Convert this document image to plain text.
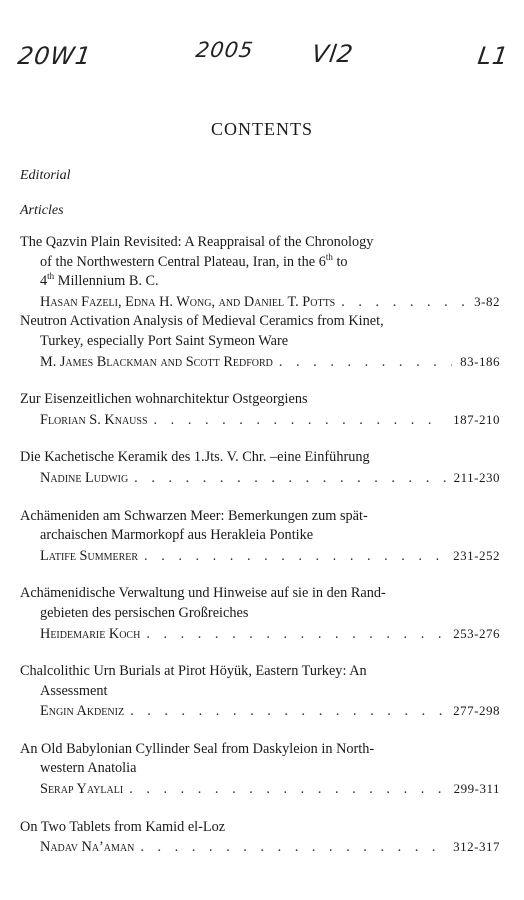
20W1	2005 Vl2	L1
CONTENTS
Editorial
Articles
The Qazvin Plain Revisited: A Reappraisal of the Chronology
of the Northwestern Central Plateau, Iran, in the 6th to
4th Millennium B. C.
Hasan Fazeli, Edna H. Wong, and Daniel T. Potts . . .	3-82
Neutron Activation Analysis of Medieval Ceramics from Kinet,
Turkey, especially Port Saint Symeon Ware
M. James Blackman and Scott Redford . . .	83-186
Zur Eisenzeitlichen wohnarchitektur Ostgeorgiens
Florian S. Knauß . . .	187-210
Die Kachetische Keramik des 1.Jts. V. Chr. –eine Einführung
Nadine Ludwig . . .	211-230
Achämeniden am Schwarzen Meer: Bemerkungen zum spät-
archaischen Marmorkopf aus Herakleia Pontike
Latife Summerer . . .	231-252
Achämenidische Verwaltung und Hinweise auf sie in den Rand-
gebieten des persischen Großreiches
Heidemarie Koch . . .	253-276
Chalcolithic Urn Burials at Pirot Höyük, Eastern Turkey: An
Assessment
Engin Akdeniz . . .	277-298
An Old Babylonian Cyllinder Seal from Daskyleion in North-
western Anatolia
Serap Yaylali . . .	299-311
On Two Tablets from Kamid el-Loz
Nadav Na’aman . . .	312-317
